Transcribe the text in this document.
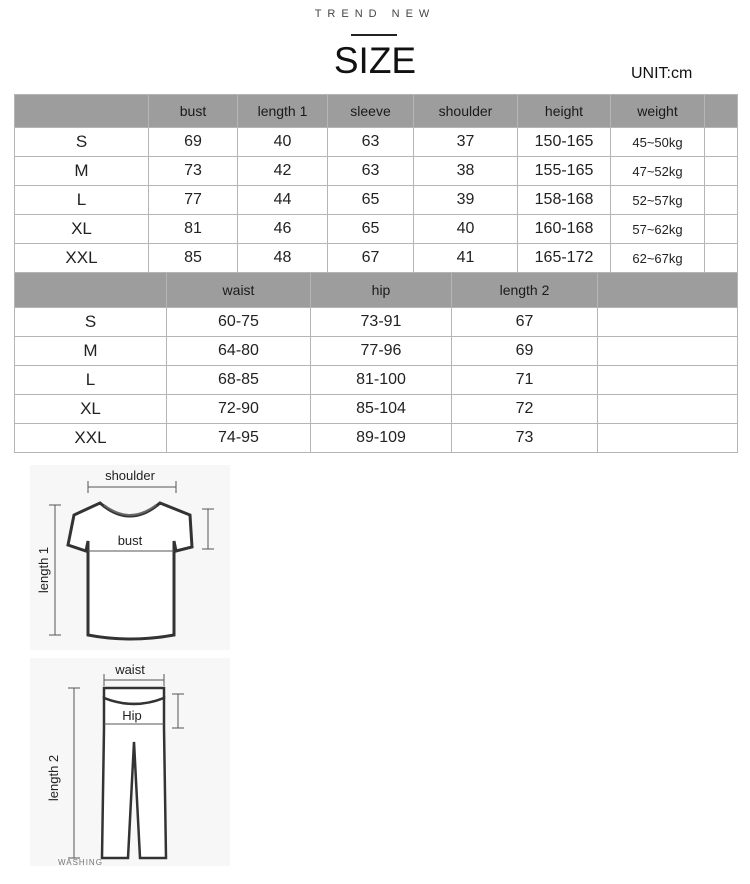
TREND NEW
SIZE	UNIT:cm
	bust	length 1	sleeve	shoulder	height	weight	
S	69	40	63	37	150-165	45~50kg	
M	73	42	63	38	155-165	47~52kg	
L	77	44	65	39	158-168	52~57kg	
XL	81	46	65	40	160-168	57~62kg	
XXL	85	48	67	41	165-172	62~67kg	
	waist	hip	length 2	
S	60-75	73-91	67	
M	64-80	77-96	69	
L	68-85	81-100	71	
XL	72-90	85-104	72	
XXL	74-95	89-109	73	
shoulder
bust
length 1
waist
Hip
length 2
WASHING
